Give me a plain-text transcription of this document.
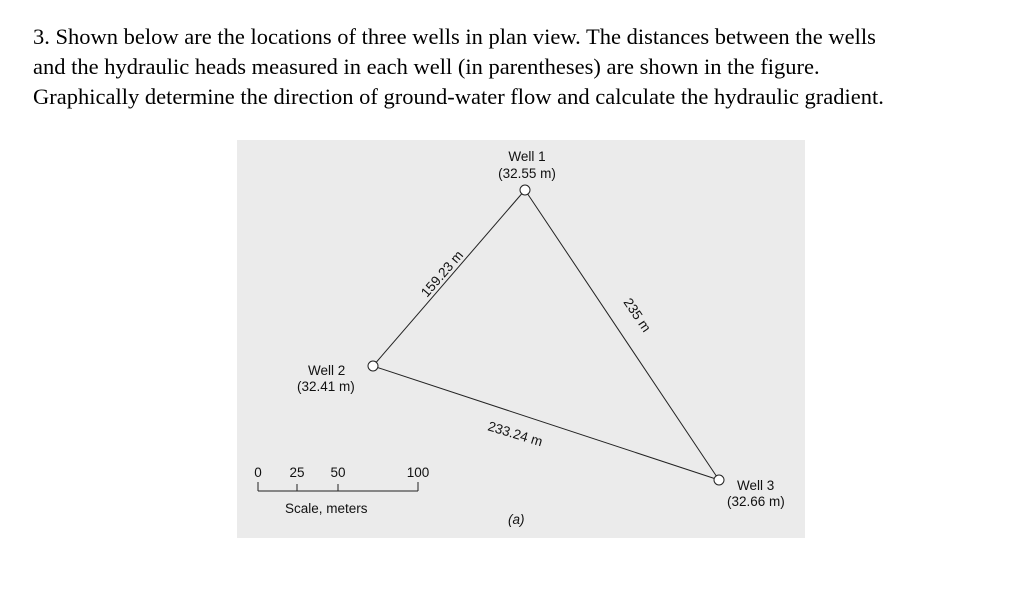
3. Shown below are the locations of three wells in plan view. The distances between the wells
and the hydraulic heads measured in each well (in parentheses) are shown in the figure.
Graphically determine the direction of ground-water flow and calculate the hydraulic gradient.
Well 1
(32.55 m)
Well 2
(32.41 m)
Well 3
(32.66 m)
159.23 m
235 m
233.24 m
0 25 50	100
Scale, meters
(a)
